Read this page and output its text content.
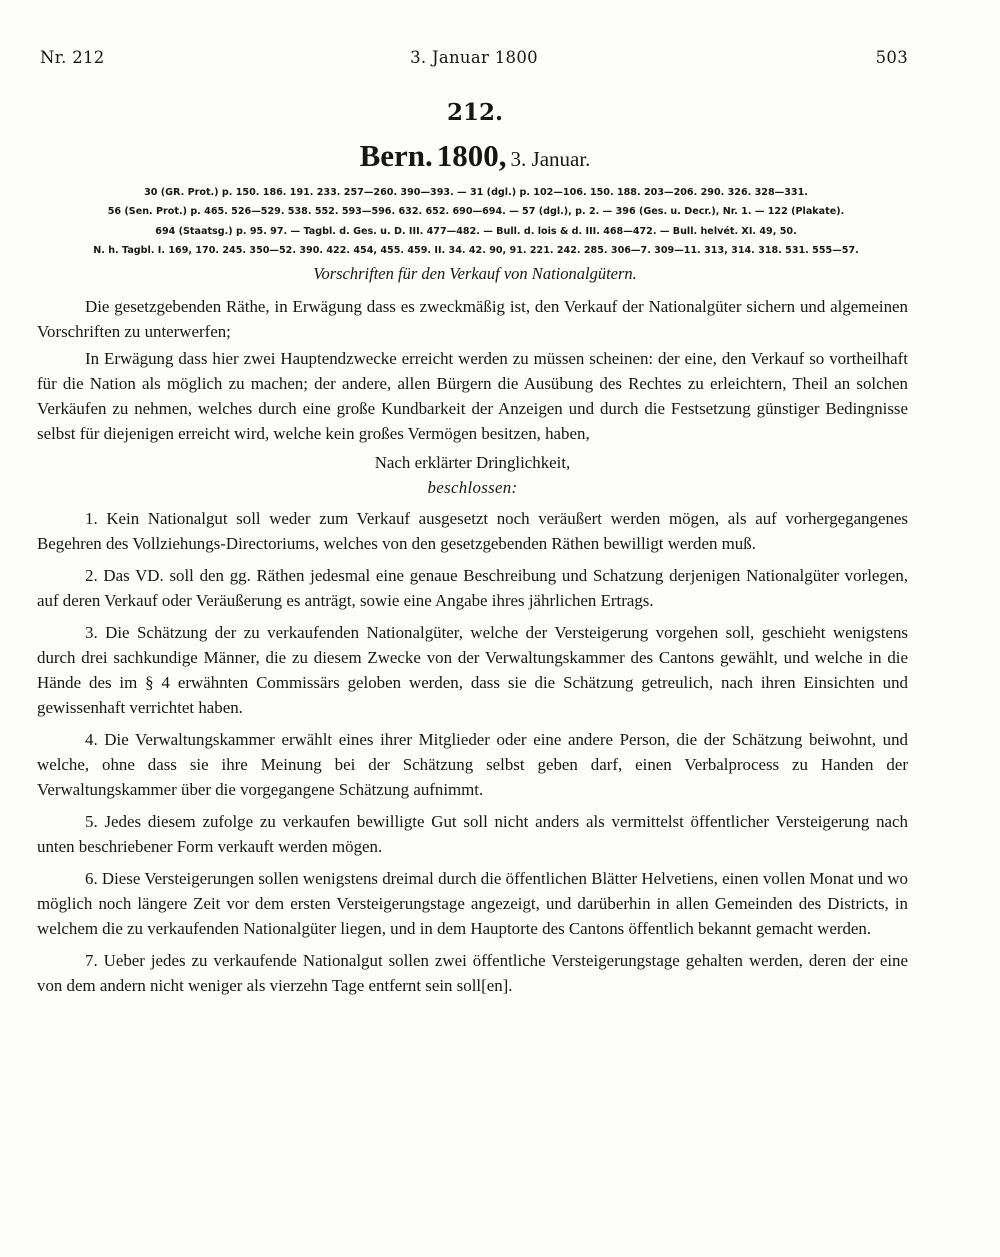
Nr. 212	3. Januar 1800	503
212.
Bern. 1800, 3. Januar.
30 (GR. Prot.) p. 150. 186. 191. 233. 257—260. 390—393. — 31 (dgl.) p. 102—106. 150. 188. 203—206. 290. 326. 328—331.
56 (Sen. Prot.) p. 465. 526—529. 538. 552. 593—596. 632. 652. 690—694. — 57 (dgl.), p. 2. — 396 (Ges. u. Decr.), Nr. 1. — 122 (Plakate).
694 (Staatsg.) p. 95. 97. — Tagbl. d. Ges. u. D. III. 477—482. — Bull. d. lois & d. III. 468—472. — Bull. helvét. XI. 49, 50.
N. h. Tagbl. I. 169, 170. 245. 350—52. 390. 422. 454, 455. 459. II. 34. 42. 90, 91. 221. 242. 285. 306—7. 309—11. 313, 314. 318. 531. 555—57.
Vorschriften für den Verkauf von Nationalgütern.

Die gesetzgebenden Räthe, in Erwägung dass es zweckmäßig ist, den Verkauf der Nationalgüter sichern und algemeinen Vorschriften zu unterwerfen;

In Erwägung dass hier zwei Hauptendzwecke erreicht werden zu müssen scheinen: der eine, den Verkauf so vortheilhaft für die Nation als möglich zu machen; der andere, allen Bürgern die Ausübung des Rechtes zu erleichtern, Theil an solchen Verkäufen zu nehmen, welches durch eine große Kundbarkeit der Anzeigen und durch die Festsetzung günstiger Bedingnisse selbst für diejenigen erreicht wird, welche kein großes Vermögen besitzen, haben,

Nach erklärter Dringlichkeit,

beschlossen:

1. Kein Nationalgut soll weder zum Verkauf ausgesetzt noch veräußert werden mögen, als auf vorhergegangenes Begehren des Vollziehungs-Directoriums, welches von den gesetzgebenden Räthen bewilligt werden muß.

2. Das VD. soll den gg. Räthen jedesmal eine genaue Beschreibung und Schatzung derjenigen Nationalgüter vorlegen, auf deren Verkauf oder Veräußerung es anträgt, sowie eine Angabe ihres jährlichen Ertrags.

3. Die Schätzung der zu verkaufenden Nationalgüter, welche der Versteigerung vorgehen soll, geschieht wenigstens durch drei sachkundige Männer, die zu diesem Zwecke von der Verwaltungskammer des Cantons gewählt, und welche in die Hände des im § 4 erwähnten Commissärs geloben werden, dass sie die Schätzung getreulich, nach ihren Einsichten und gewissenhaft verrichtet haben.

4. Die Verwaltungskammer erwählt eines ihrer Mitglieder oder eine andere Person, die der Schätzung beiwohnt, und welche, ohne dass sie ihre Meinung bei der Schätzung selbst geben darf, einen Verbalprocess zu Handen der Verwaltungskammer über die vorgegangene Schätzung aufnimmt.

5. Jedes diesem zufolge zu verkaufen bewilligte Gut soll nicht anders als vermittelst öffentlicher Versteigerung nach unten beschriebener Form verkauft werden mögen.

6. Diese Versteigerungen sollen wenigstens dreimal durch die öffentlichen Blätter Helvetiens, einen vollen Monat und wo möglich noch längere Zeit vor dem ersten Versteigerungstage angezeigt, und darüberhin in allen Gemeinden des Districts, in welchem die zu verkaufenden Nationalgüter liegen, und in dem Hauptorte des Cantons öffentlich bekannt gemacht werden.

7. Ueber jedes zu verkaufende Nationalgut sollen zwei öffentliche Versteigerungstage gehalten werden, deren der eine von dem andern nicht weniger als vierzehn Tage entfernt sein soll[en].
